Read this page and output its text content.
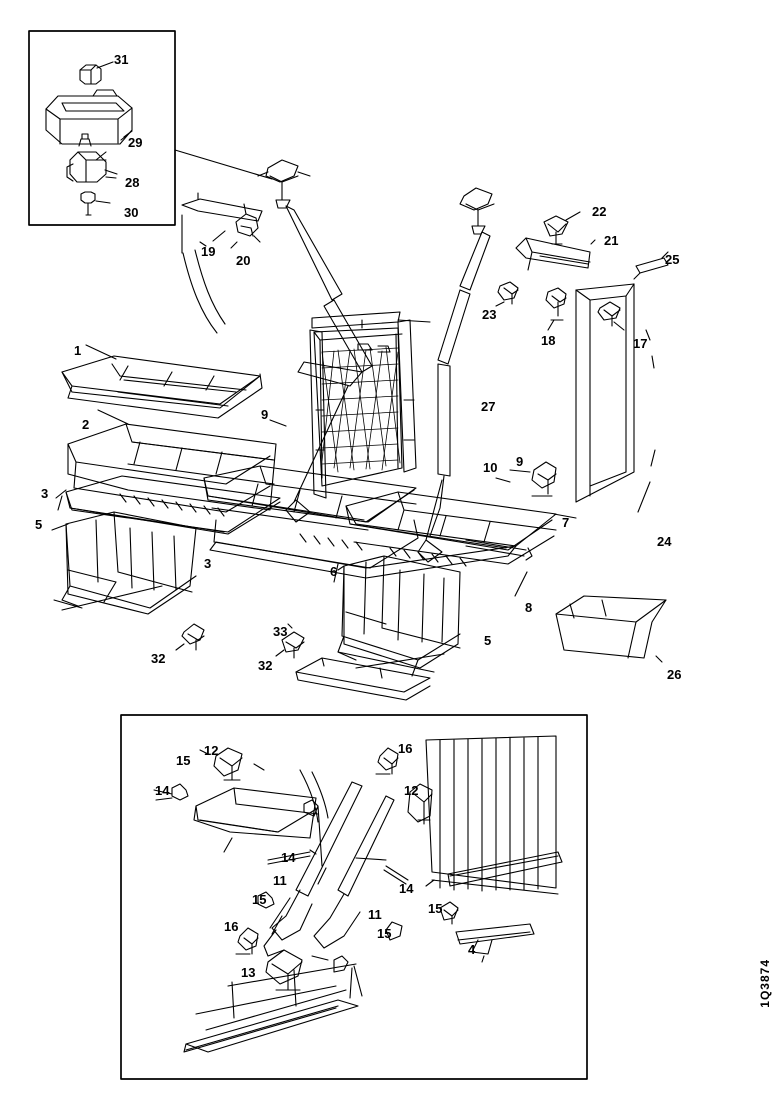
31
29
28
30
19
20
22
21
25
23
18	17
1
2
9
27
10 9
3
5
3
6
7
8
24
5
32
33
32
26
15
12	16
14	12
14
14
11
15
11	15
16	15
4
13	1Q3874
